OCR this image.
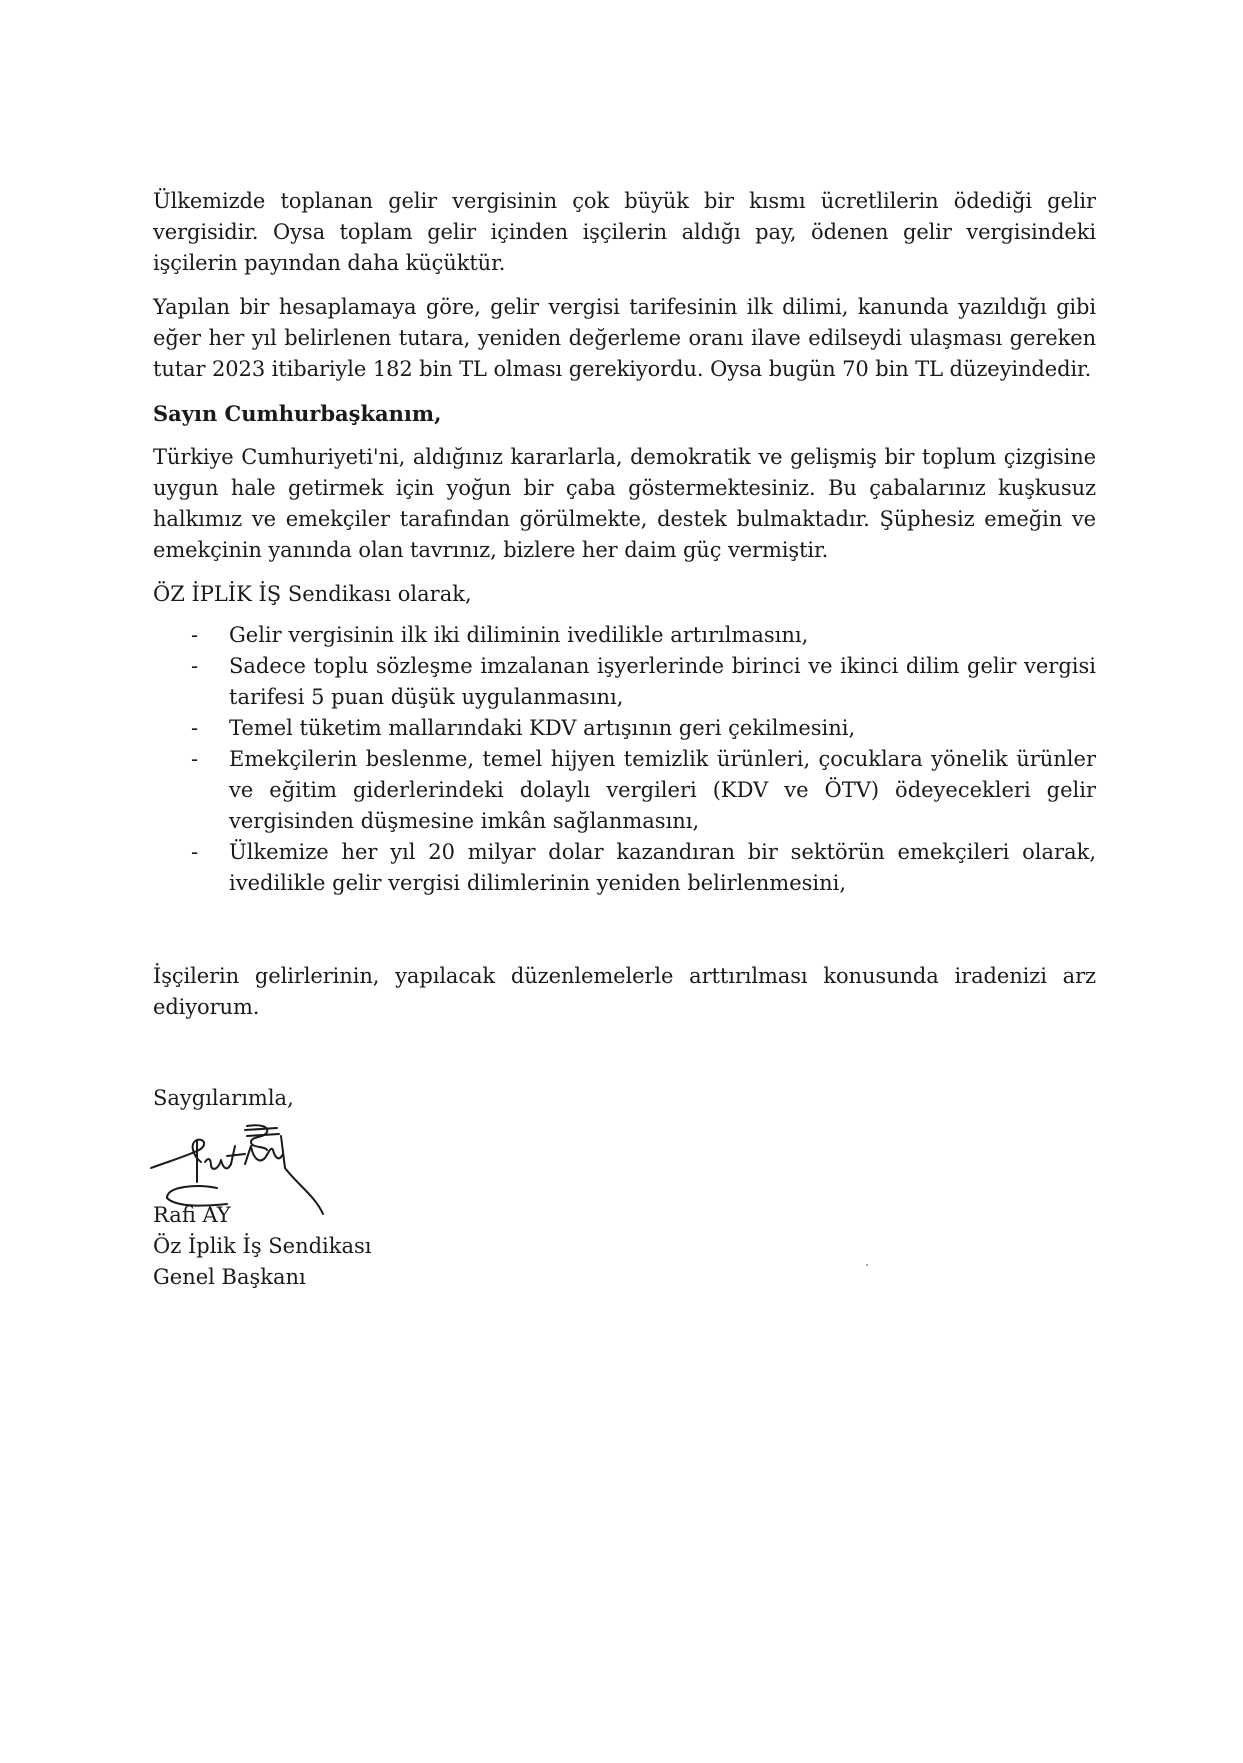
Ülkemizde toplanan gelir vergisinin çok büyük bir kısmı ücretlilerin ödediği gelir vergisidir. Oysa toplam gelir içinden işçilerin aldığı pay, ödenen gelir vergisindeki işçilerin payından daha küçüktür.

Yapılan bir hesaplamaya göre, gelir vergisi tarifesinin ilk dilimi, kanunda yazıldığı gibi eğer her yıl belirlenen tutara, yeniden değerleme oranı ilave edilseydi ulaşması gereken tutar 2023 itibariyle 182 bin TL olması gerekiyordu. Oysa bugün 70 bin TL düzeyindedir.

Sayın Cumhurbaşkanım,

Türkiye Cumhuriyeti'ni, aldığınız kararlarla, demokratik ve gelişmiş bir toplum çizgisine uygun hale getirmek için yoğun bir çaba göstermektesiniz. Bu çabalarınız kuşkusuz halkımız ve emekçiler tarafından görülmekte, destek bulmaktadır. Şüphesiz emeğin ve emekçinin yanında olan tavrınız, bizlere her daim güç vermiştir.

ÖZ İPLİK İŞ Sendikası olarak,

- Gelir vergisinin ilk iki diliminin ivedilikle artırılmasını,
- Sadece toplu sözleşme imzalanan işyerlerinde birinci ve ikinci dilim gelir vergisi tarifesi 5 puan düşük uygulanmasını,
- Temel tüketim mallarındaki KDV artışının geri çekilmesini,
- Emekçilerin beslenme, temel hijyen temizlik ürünleri, çocuklara yönelik ürünler ve eğitim giderlerindeki dolaylı vergileri (KDV ve ÖTV) ödeyecekleri gelir vergisinden düşmesine imkân sağlanmasını,
- Ülkemize her yıl 20 milyar dolar kazandıran bir sektörün emekçileri olarak, ivedilikle gelir vergisi dilimlerinin yeniden belirlenmesini,

İşçilerin gelirlerinin, yapılacak düzenlemelerle arttırılması konusunda iradenizi arz ediyorum.

Saygılarımla,
Rafi AY
Öz İplik İş Sendikası
Genel Başkanı
